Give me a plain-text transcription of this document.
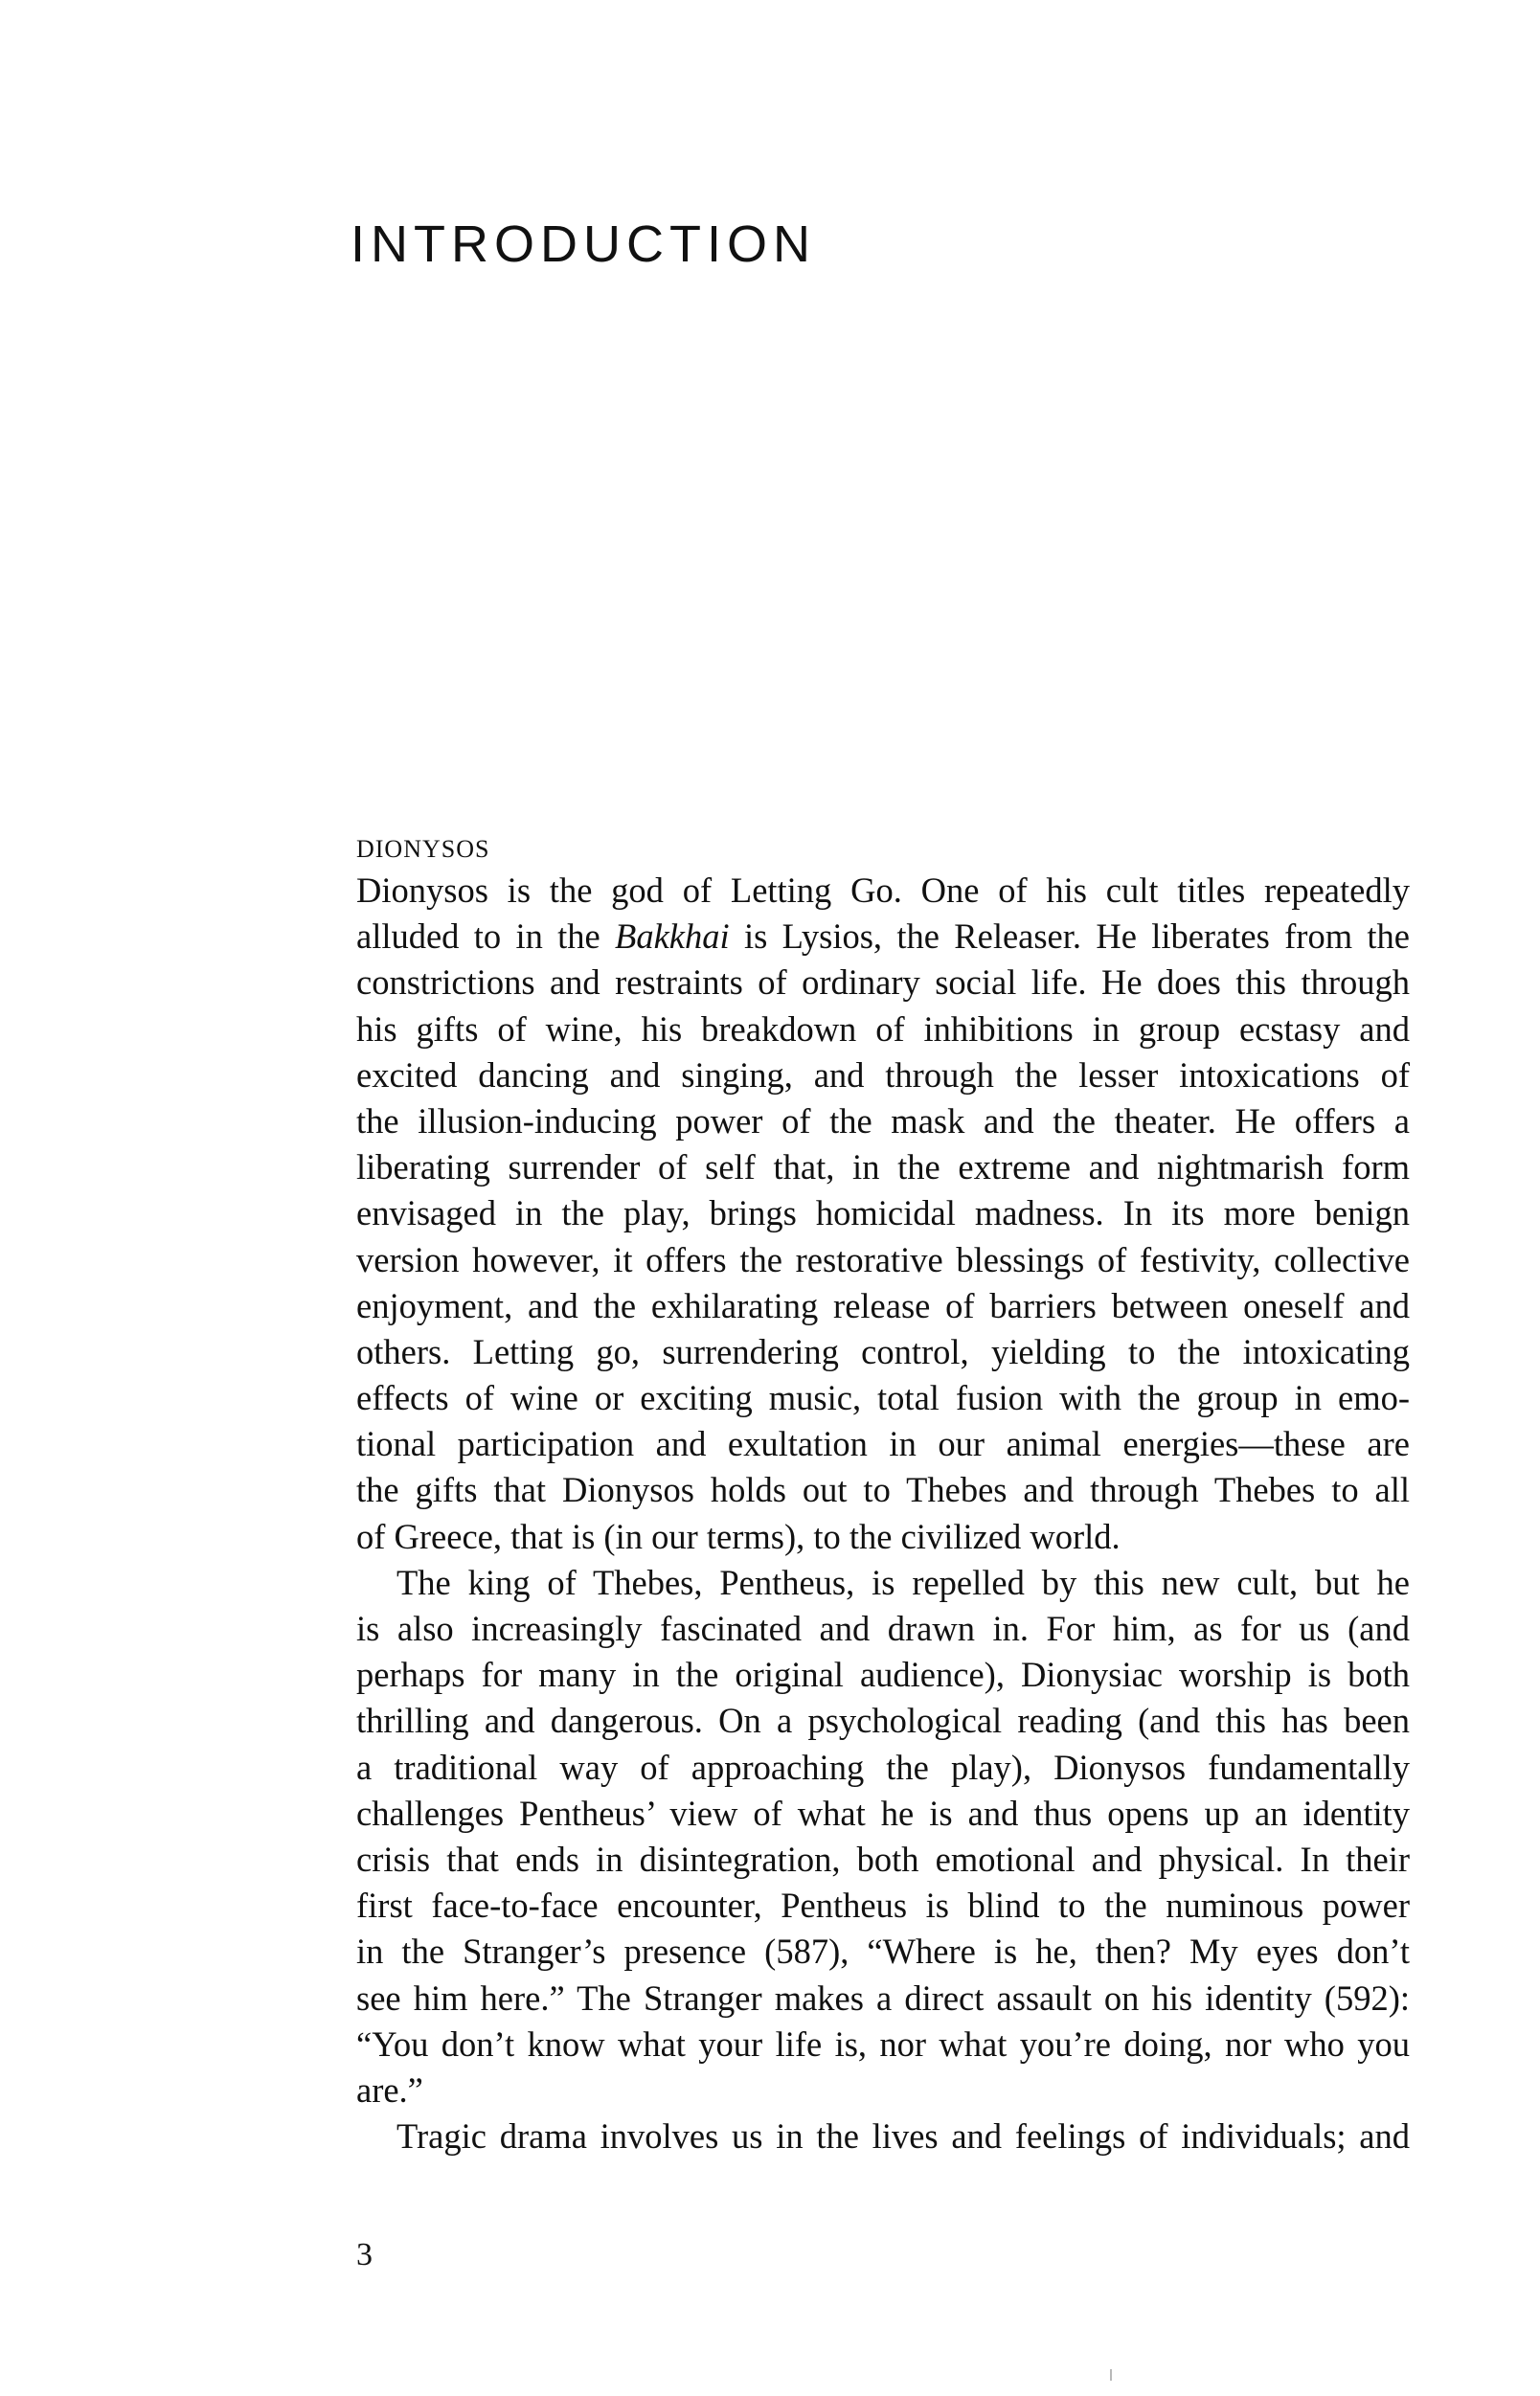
INTRODUCTION
DIONYSOS
Dionysos is the god of Letting Go. One of his cult titles repeatedly
alluded to in the Bakkhai is Lysios, the Releaser. He liberates from the
constrictions and restraints of ordinary social life. He does this through
his gifts of wine, his breakdown of inhibitions in group ecstasy and
excited dancing and singing, and through the lesser intoxications of
the illusion-inducing power of the mask and the theater. He offers a
liberating surrender of self that, in the extreme and nightmarish form
envisaged in the play, brings homicidal madness. In its more benign
version however, it offers the restorative blessings of festivity, collective
enjoyment, and the exhilarating release of barriers between oneself and
others. Letting go, surrendering control, yielding to the intoxicating
effects of wine or exciting music, total fusion with the group in emo-
tional participation and exultation in our animal energies—these are
the gifts that Dionysos holds out to Thebes and through Thebes to all
of Greece, that is (in our terms), to the civilized world.
The king of Thebes, Pentheus, is repelled by this new cult, but he
is also increasingly fascinated and drawn in. For him, as for us (and
perhaps for many in the original audience), Dionysiac worship is both
thrilling and dangerous. On a psychological reading (and this has been
a traditional way of approaching the play), Dionysos fundamentally
challenges Pentheus’ view of what he is and thus opens up an identity
crisis that ends in disintegration, both emotional and physical. In their
first face-to-face encounter, Pentheus is blind to the numinous power
in the Stranger’s presence (587), “Where is he, then? My eyes don’t
see him here.” The Stranger makes a direct assault on his identity (592):
“You don’t know what your life is, nor what you’re doing, nor who you
are.”
Tragic drama involves us in the lives and feelings of individuals; and
3
